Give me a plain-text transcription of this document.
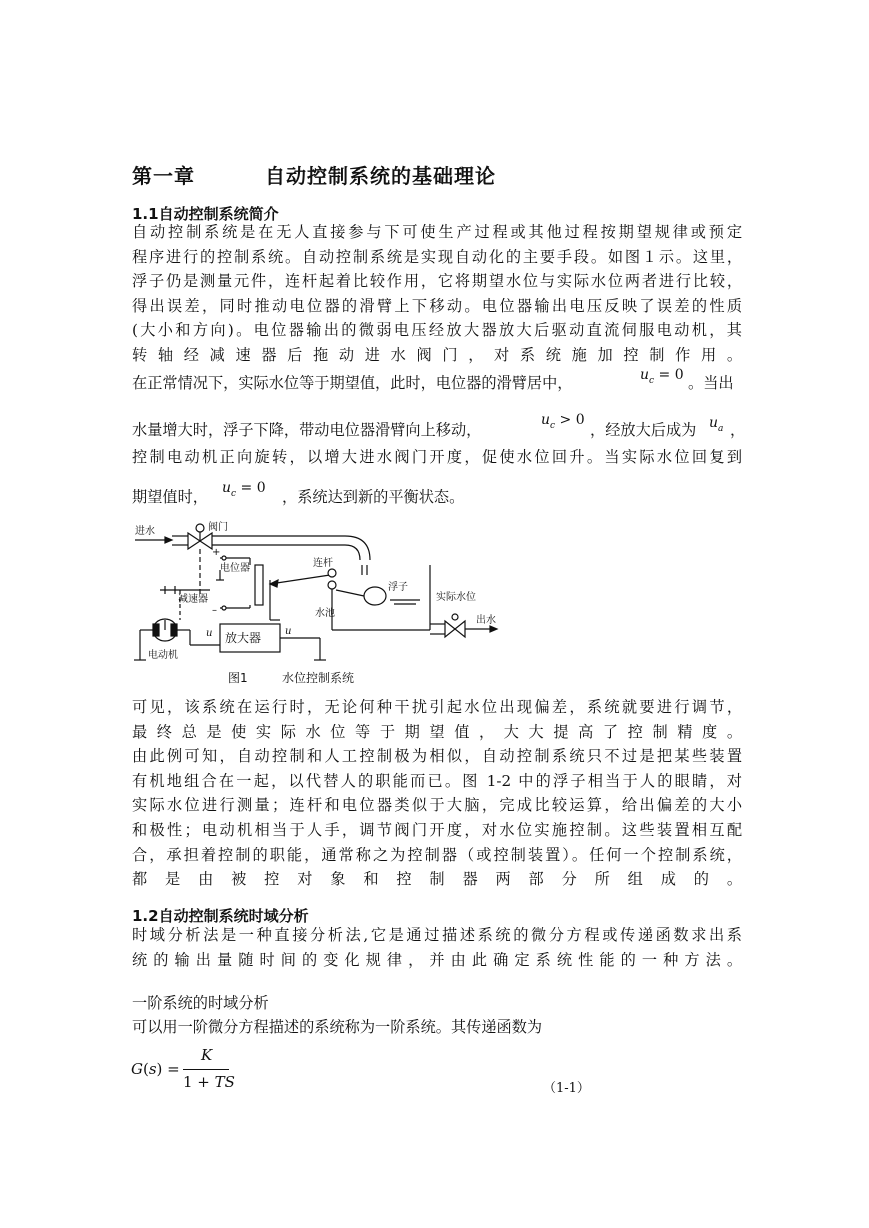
第一章	自动控制系统的基础理论
1.1自动控制系统简介
自动控制系统是在无人直接参与下可使生产过程或其他过程按期望规律或预定
程序进行的控制系统。自动控制系统是实现自动化的主要手段。如图１示。这里，
浮子仍是测量元件，连杆起着比较作用，它将期望水位与实际水位两者进行比较，
得出误差，同时推动电位器的滑臂上下移动。电位器输出电压反映了误差的性质
(大小和方向)。电位器输出的微弱电压经放大器放大后驱动直流伺服电动机，其
转轴经减速器后拖动进水阀门，对系统施加控制作用。
在正常情况下，实际水位等于期望值，此时，电位器的滑臂居中，	$u_c = 0$ 。当出
水量增大时，浮子下降，带动电位器滑臂向上移动，
$u_c > 0$
，经放大后成为 $u_a$ ，
控制电动机正向旋转，以增大进水阀门开度，促使水位回升。当实际水位回复到
期望值时， $u_c = 0$ ，系统达到新的平衡状态。
进水	阀门
+
电位器
–
减速器
连杆
浮子
实际水位
水池
放大器
u	u
电动机
出水
图1	水位控制系统
可见，该系统在运行时，无论何种干扰引起水位出现偏差，系统就要进行调节，
最终总是使实际水位等于期望值，大大提高了控制精度。
由此例可知，自动控制和人工控制极为相似，自动控制系统只不过是把某些装置
有机地组合在一起，以代替人的职能而已。图 1-2 中的浮子相当于人的眼睛，对
实际水位进行测量；连杆和电位器类似于大脑，完成比较运算，给出偏差的大小
和极性；电动机相当于人手，调节阀门开度，对水位实施控制。这些装置相互配
合，承担着控制的职能，通常称之为控制器（或控制装置）。任何一个控制系统，
都是由被控对象和控制器两部分所组成的。
1.2自动控制系统时域分析
时域分析法是一种直接分析法,它是通过描述系统的微分方程或传递函数求出系
统的输出量随时间的变化规律，并由此确定系统性能的一种方法。
一阶系统的时域分析
可以用一阶微分方程描述的系统称为一阶系统。其传递函数为
G(s) =
K
1 + TS	（1-1）
